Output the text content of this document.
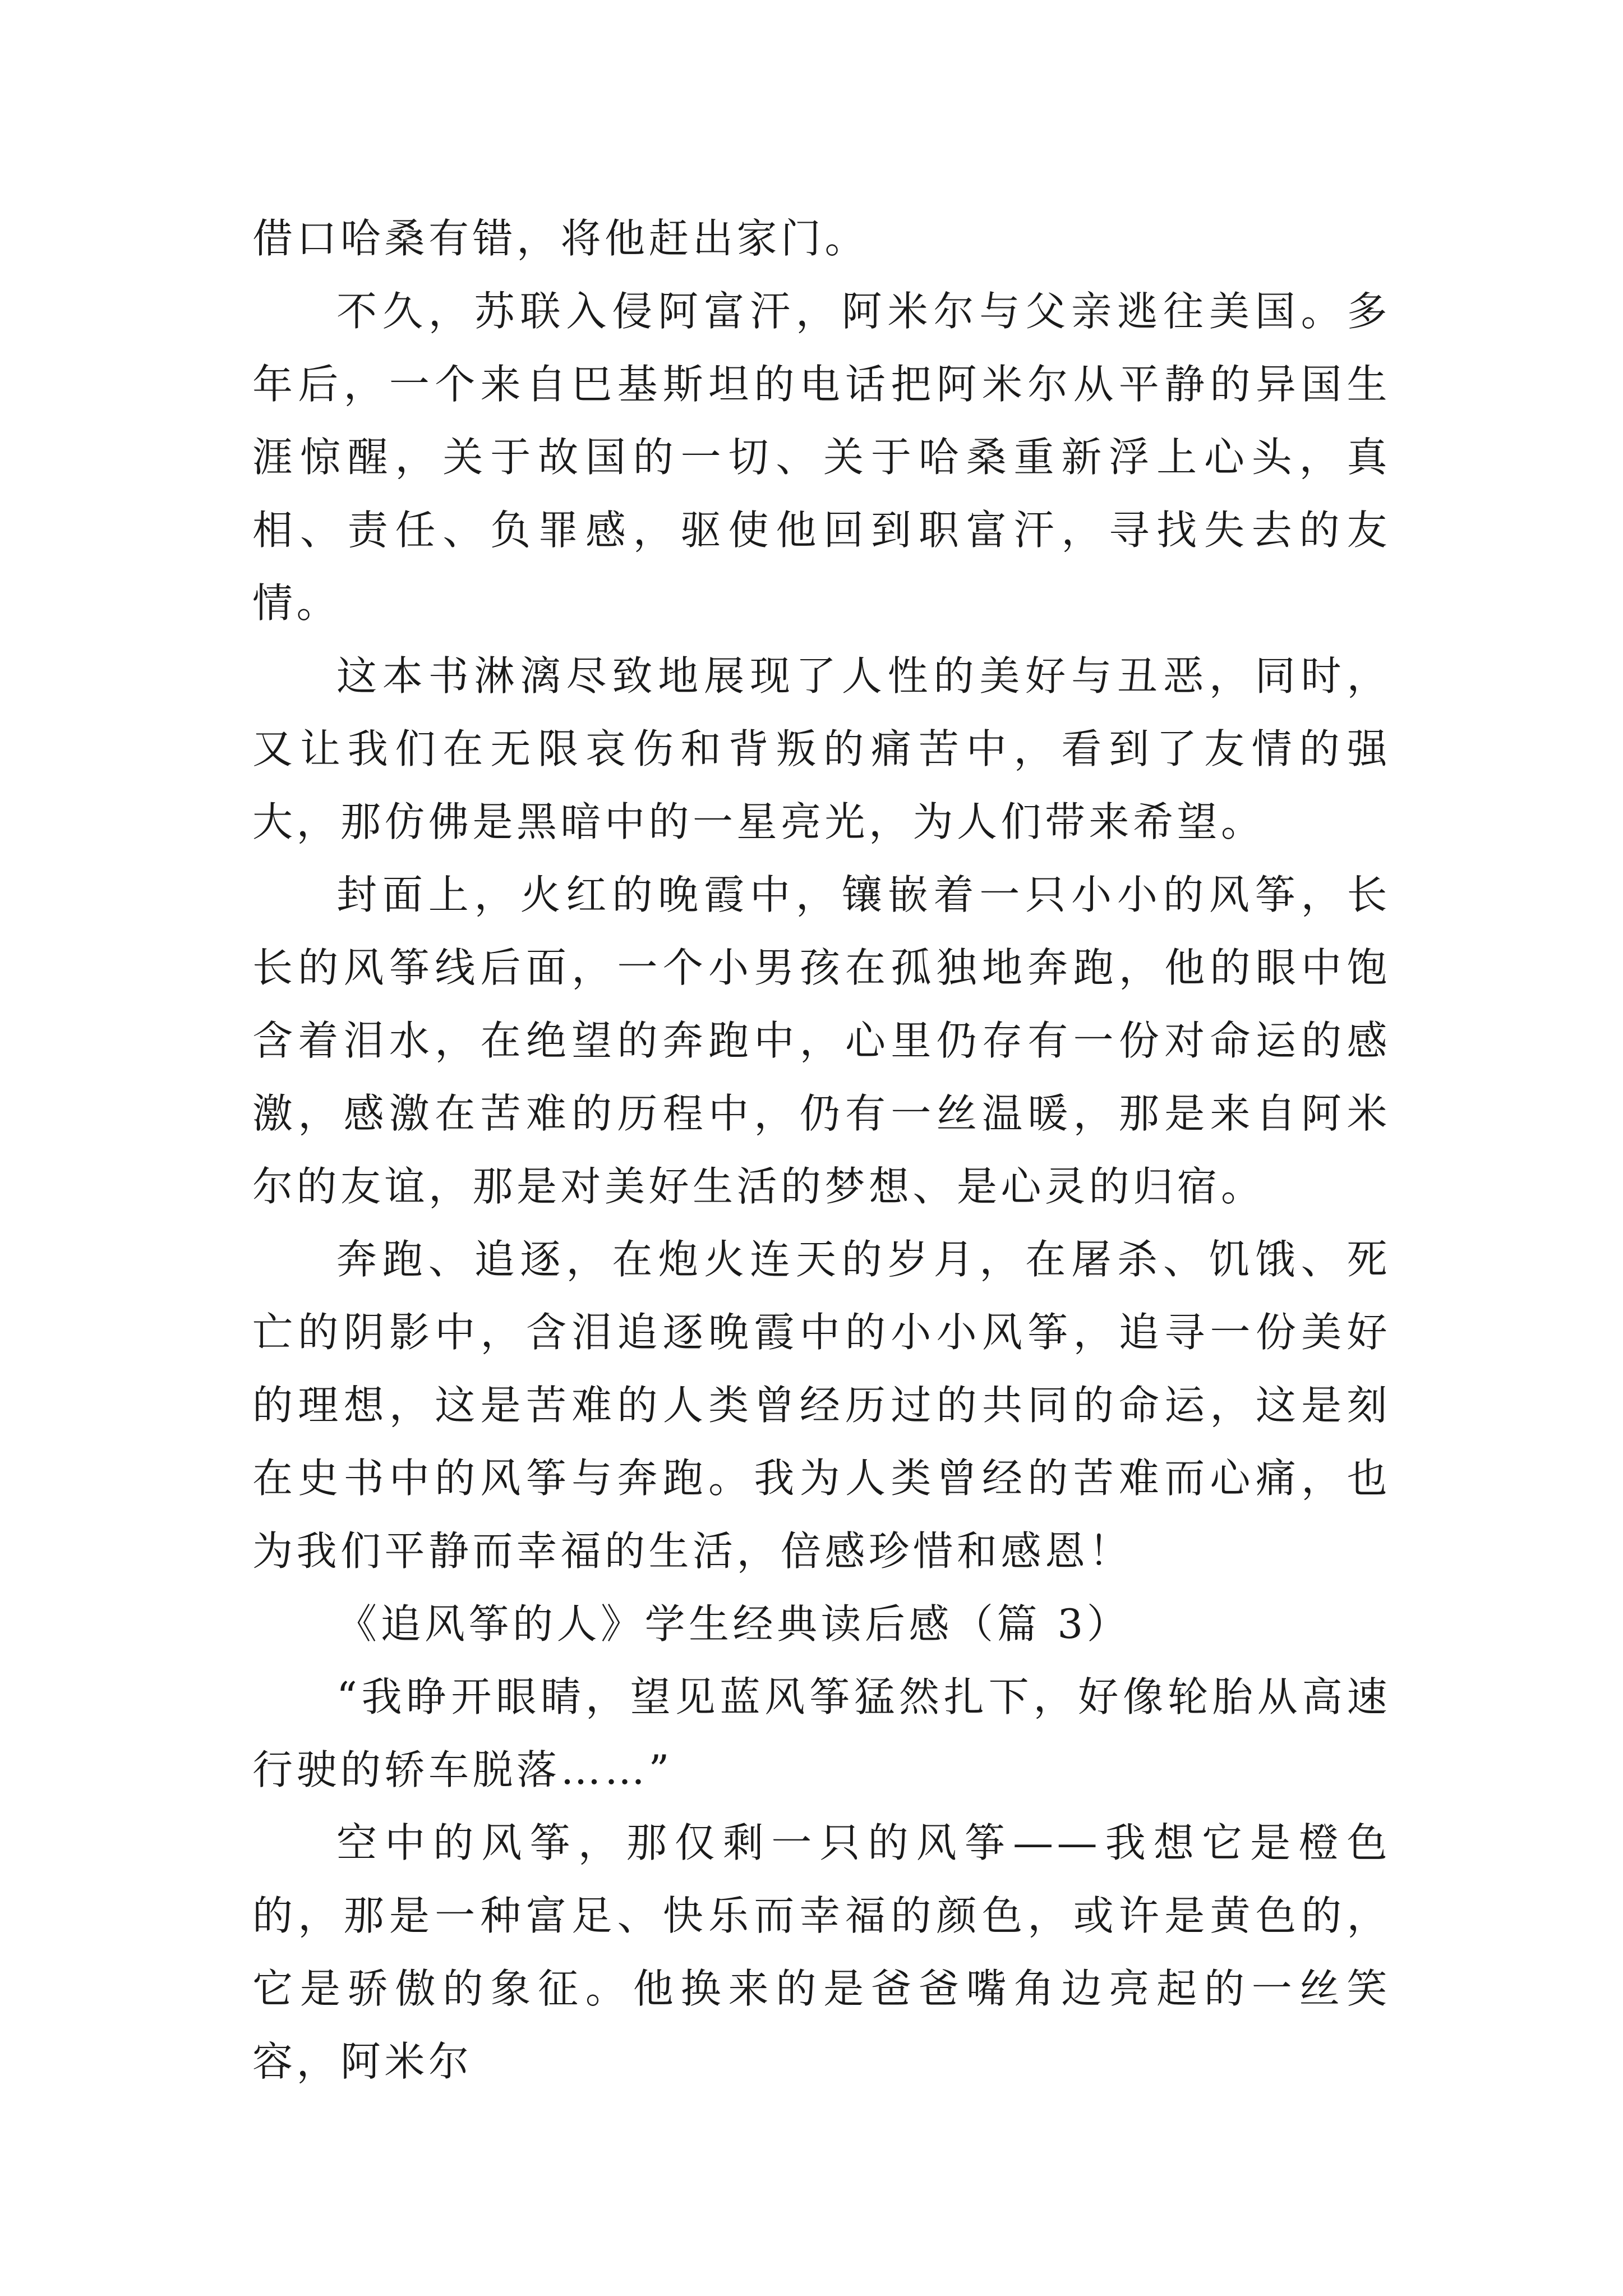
借口哈桑有错，将他赶出家门。

不久，苏联入侵阿富汗，阿米尔与父亲逃往美国。多年后，一个来自巴基斯坦的电话把阿米尔从平静的异国生涯惊醒，关于故国的一切、关于哈桑重新浮上心头，真相、责任、负罪感，驱使他回到职富汗，寻找失去的友情。

这本书淋漓尽致地展现了人性的美好与丑恶，同时，又让我们在无限哀伤和背叛的痛苦中，看到了友情的强大，那仿佛是黑暗中的一星亮光，为人们带来希望。

封面上，火红的晚霞中，镶嵌着一只小小的风筝，长长的风筝线后面，一个小男孩在孤独地奔跑，他的眼中饱含着泪水，在绝望的奔跑中，心里仍存有一份对命运的感激，感激在苦难的历程中，仍有一丝温暖，那是来自阿米尔的友谊，那是对美好生活的梦想、是心灵的归宿。

奔跑、追逐，在炮火连天的岁月，在屠杀、饥饿、死亡的阴影中，含泪追逐晚霞中的小小风筝，追寻一份美好的理想，这是苦难的人类曾经历过的共同的命运，这是刻在史书中的风筝与奔跑。我为人类曾经的苦难而心痛，也为我们平静而幸福的生活，倍感珍惜和感恩！

《追风筝的人》学生经典读后感（篇 3）

“我睁开眼睛，望见蓝风筝猛然扎下，好像轮胎从高速行驶的轿车脱落……”

空中的风筝，那仅剩一只的风筝——我想它是橙色的，那是一种富足、快乐而幸福的颜色，或许是黄色的，它是骄傲的象征。他换来的是爸爸嘴角边亮起的一丝笑容，阿米尔
